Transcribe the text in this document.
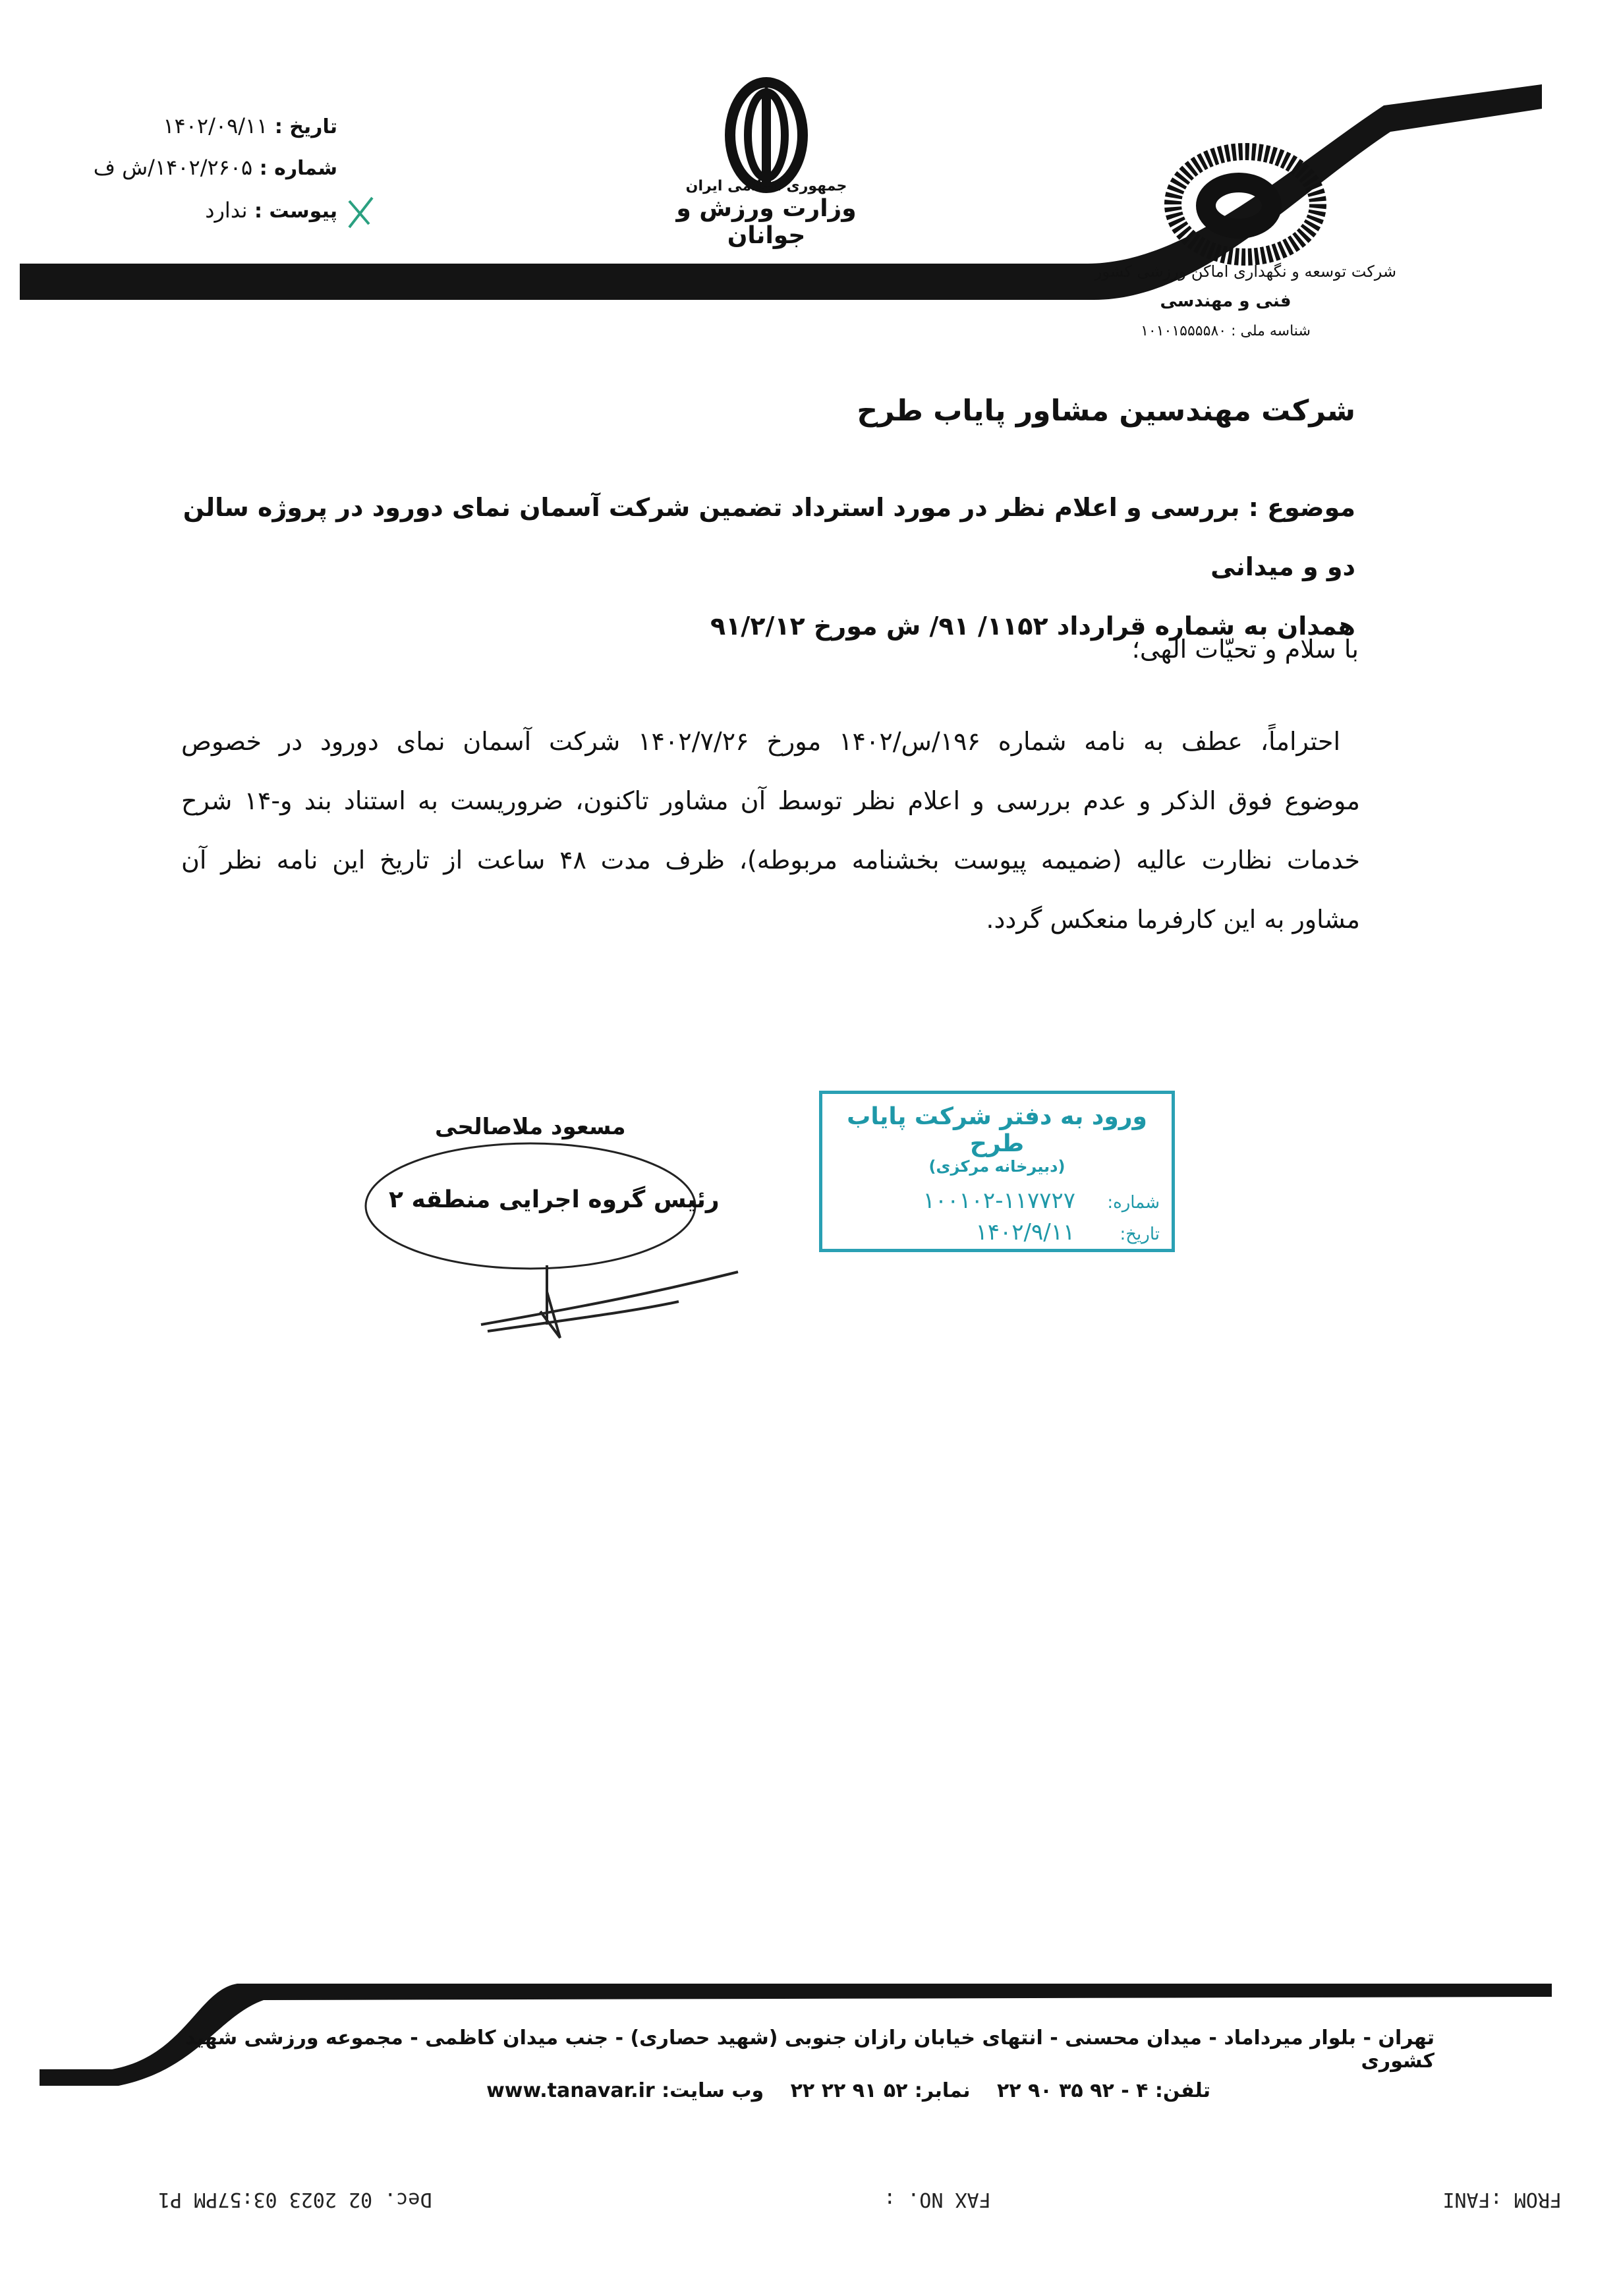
تاریخ : ۱۴۰۲/۰۹/۱۱
شماره : ۱۴۰۲/۲۶۰۵/ش ف
پیوست : ندارد
جمهوری اسلامی ایران
وزارت ورزش و جوانان
شرکت توسعه و نگهداری اماکن ورزشی کشور
فنی و مهندسی
شناسه ملی : ۱۰۱۰۱۵۵۵۵۸۰
شرکت مهندسین مشاور پایاب طرح
موضوع : بررسی و اعلام نظر در مورد استرداد تضمین شرکت آسمان نمای دورود در پروژه سالن دو و میدانی
همدان به شماره قرارداد ۱۱۵۲/ ۹۱/ ش مورخ ۹۱/۲/۱۲
با سلام و تحیّات الهی؛
احتراماً، عطف به نامه شماره ۱۹۶/س/۱۴۰۲ مورخ ۱۴۰۲/۷/۲۶ شرکت آسمان نمای دورود در خصوص
موضوع فوق الذکر و عدم بررسی و اعلام نظر توسط آن مشاور تاکنون، ضروریست به استناد بند و-۱۴ شرح
خدمات نظارت عالیه (ضمیمه پیوست بخشنامه مربوطه)، ظرف مدت ۴۸ ساعت از تاریخ این نامه نظر آن
مشاور به این کارفرما منعکس گردد.
مسعود ملاصالحی
رئیس گروه اجرایی منطقه ۲
ورود به دفتر شرکت پایاب طرح
(دبیرخانه مرکزی)
شماره: ۱۱۷۷۲۷-۱۰۰۱۰۲
تاریخ: ۱۴۰۲/۹/۱۱
تهران - بلوار میرداماد - میدان محسنی - انتهای خیابان رازان جنوبی (شهید حصاری) - جنب میدان کاظمی - مجموعه ورزشی شهید کشوری
تلفن: ۴ - ۹۲ ۳۵ ۹۰ ۲۲ نمابر: ۵۲ ۹۱ ۲۲ ۲۲ وب سایت: www.tanavar.ir
FROM :FANI
FAX NO. :
Dec. 02 2023 03:57PM P1
